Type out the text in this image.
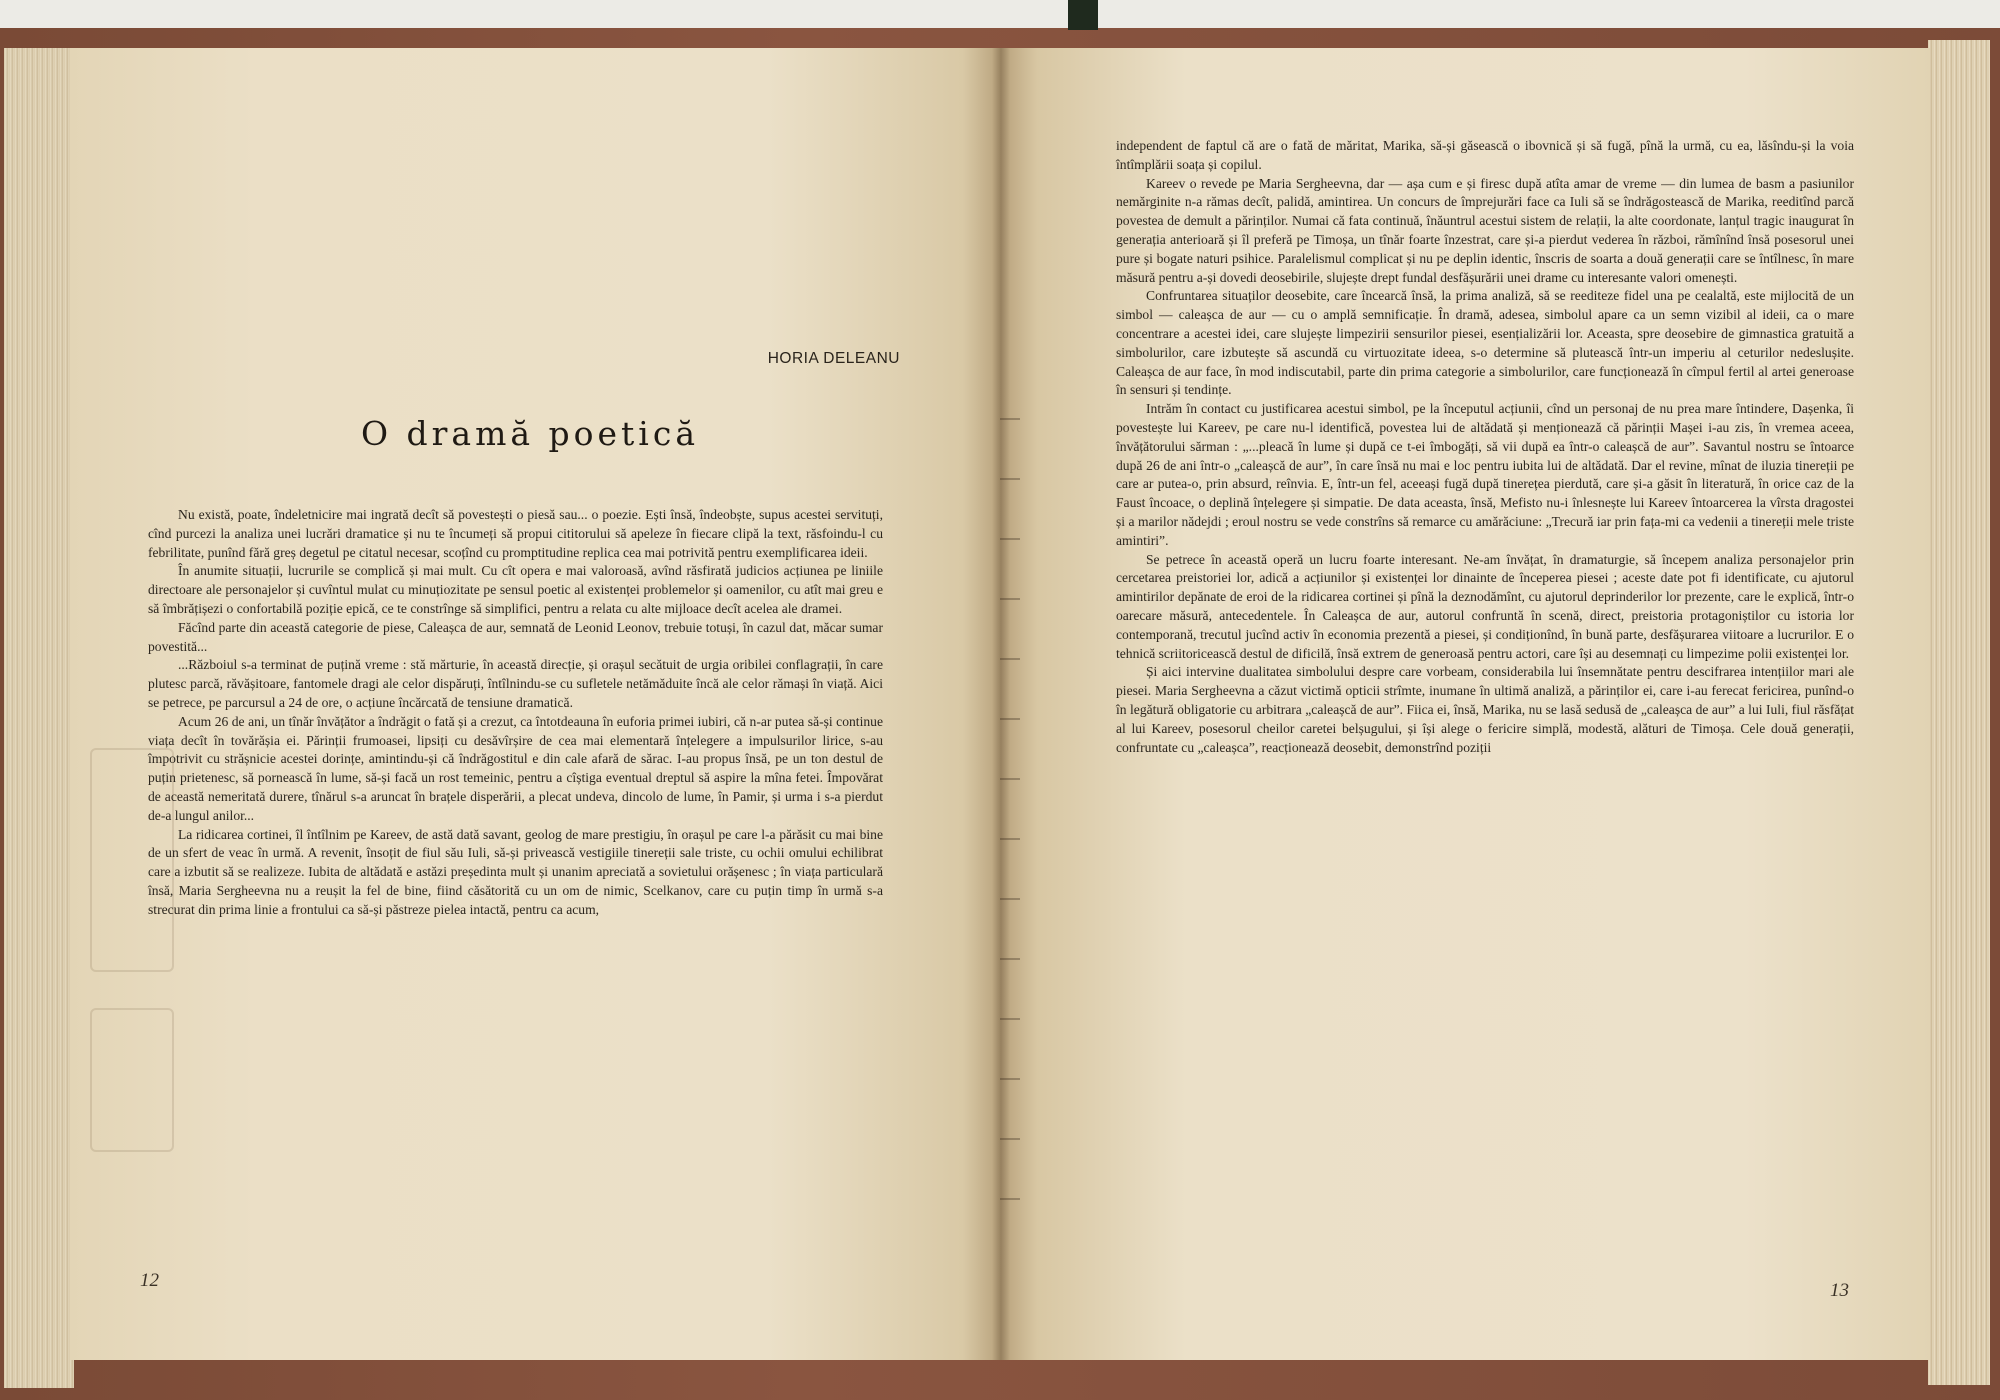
HORIA DELEANU
O dramă poetică

Nu există, poate, îndeletnicire mai ingrată decît să povestești o piesă sau... o poezie. Ești însă, îndeobște, supus acestei servituți, cînd purcezi la analiza unei lucrări dramatice și nu te încumeți să propui cititorului să apeleze în fiecare clipă la text, răsfoindu-l cu febrilitate, punînd fără greș degetul pe citatul necesar, scoțînd cu promptitudine replica cea mai potrivită pentru exemplificarea ideii.

În anumite situații, lucrurile se complică și mai mult. Cu cît opera e mai valoroasă, avînd răsfirată judicios acțiunea pe liniile directoare ale personajelor și cuvîntul mulat cu minuțiozitate pe sensul poetic al existenței problemelor și oamenilor, cu atît mai greu e să îmbrățișezi o confortabilă poziție epică, ce te constrînge să simplifici, pentru a relata cu alte mijloace decît acelea ale dramei.

Făcînd parte din această categorie de piese, Caleașca de aur, semnată de Leonid Leonov, trebuie totuși, în cazul dat, măcar sumar povestită...

...Războiul s-a terminat de puțină vreme : stă mărturie, în această direcție, și orașul secătuit de urgia oribilei conflagrații, în care plutesc parcă, răvășitoare, fantomele dragi ale celor dispăruți, întîlnindu-se cu sufletele netămăduite încă ale celor rămași în viață. Aici se petrece, pe parcursul a 24 de ore, o acțiune încărcată de tensiune dramatică.

Acum 26 de ani, un tînăr învățător a îndrăgit o fată și a crezut, ca întotdeauna în euforia primei iubiri, că n-ar putea să-și continue viața decît în tovărășia ei. Părinții frumoasei, lipsiți cu desăvîrșire de cea mai elementară înțelegere a impulsurilor lirice, s-au împotrivit cu strășnicie acestei dorințe, amintindu-și că îndrăgostitul e din cale afară de sărac. I-au propus însă, pe un ton destul de puțin prietenesc, să pornească în lume, să-și facă un rost temeinic, pentru a cîștiga eventual dreptul să aspire la mîna fetei. Împovărat de această nemeritată durere, tînărul s-a aruncat în brațele disperării, a plecat undeva, dincolo de lume, în Pamir, și urma i s-a pierdut de-a lungul anilor...

La ridicarea cortinei, îl întîlnim pe Kareev, de astă dată savant, geolog de mare prestigiu, în orașul pe care l-a părăsit cu mai bine de un sfert de veac în urmă. A revenit, însoțit de fiul său Iuli, să-și privească vestigiile tinereții sale triste, cu ochii omului echilibrat care a izbutit să se realizeze. Iubita de altădată e astăzi președinta mult și unanim apreciată a sovietului orășenesc ; în viața particulară însă, Maria Sergheevna nu a reușit la fel de bine, fiind căsătorită cu un om de nimic, Scelkanov, care cu puțin timp în urmă s-a strecurat din prima linie a frontului ca să-și păstreze pielea intactă, pentru ca acum,

independent de faptul că are o fată de măritat, Marika, să-și găsească o ibovnică și să fugă, pînă la urmă, cu ea, lăsîndu-și la voia întîmplării soața și copilul.

Kareev o revede pe Maria Sergheevna, dar — așa cum e și firesc după atîta amar de vreme — din lumea de basm a pasiunilor nemărginite n-a rămas decît, palidă, amintirea. Un concurs de împrejurări face ca Iuli să se îndrăgostească de Marika, reeditînd parcă povestea de demult a părinților. Numai că fata continuă, înăuntrul acestui sistem de relații, la alte coordonate, lanțul tragic inaugurat în generația anterioară și îl preferă pe Timoșa, un tînăr foarte înzestrat, care și-a pierdut vederea în război, rămînînd însă posesorul unei pure și bogate naturi psihice. Paralelismul complicat și nu pe deplin identic, înscris de soarta a două generații care se întîlnesc, în mare măsură pentru a-și dovedi deosebirile, slujește drept fundal desfășurării unei drame cu interesante valori omenești.

Confruntarea situaților deosebite, care încearcă însă, la prima analiză, să se reediteze fidel una pe cealaltă, este mijlocită de un simbol — caleașca de aur — cu o amplă semnificație. În dramă, adesea, simbolul apare ca un semn vizibil al ideii, ca o mare concentrare a acestei idei, care slujește limpezirii sensurilor piesei, esențializării lor. Aceasta, spre deosebire de gimnastica gratuită a simbolurilor, care izbutește să ascundă cu virtuozitate ideea, s-o determine să plutească într-un imperiu al ceturilor nedeslușite. Caleașca de aur face, în mod indiscutabil, parte din prima categorie a simbolurilor, care funcționează în cîmpul fertil al artei generoase în sensuri și tendințe.

Intrăm în contact cu justificarea acestui simbol, pe la începutul acțiunii, cînd un personaj de nu prea mare întindere, Dașenka, îi povestește lui Kareev, pe care nu-l identifică, povestea lui de altădată și menționează că părinții Mașei i-au zis, în vremea aceea, învățătorului sărman : „...pleacă în lume și după ce t-ei îmbogăți, să vii după ea într-o caleașcă de aur”. Savantul nostru se întoarce după 26 de ani într-o „caleașcă de aur”, în care însă nu mai e loc pentru iubita lui de altădată. Dar el revine, mînat de iluzia tinereții pe care ar putea-o, prin absurd, reînvia. E, într-un fel, aceeași fugă după tinerețea pierdută, care și-a găsit în literatură, în orice caz de la Faust încoace, o deplină înțelegere și simpatie. De data aceasta, însă, Mefisto nu-i înlesnește lui Kareev întoarcerea la vîrsta dragostei și a marilor nădejdi ; eroul nostru se vede constrîns să remarce cu amărăciune: „Trecură iar prin fața-mi ca vedenii a tinereții mele triste amintiri”.

Se petrece în această operă un lucru foarte interesant. Ne-am învățat, în dramaturgie, să începem analiza personajelor prin cercetarea preistoriei lor, adică a acțiunilor și existenței lor dinainte de începerea piesei ; aceste date pot fi identificate, cu ajutorul amintirilor depănate de eroi de la ridicarea cortinei și pînă la deznodămînt, cu ajutorul deprinderilor lor prezente, care le explică, într-o oarecare măsură, antecedentele. În Caleașca de aur, autorul confruntă în scenă, direct, preistoria protagoniștilor cu istoria lor contemporană, trecutul jucînd activ în economia prezentă a piesei, și condiționînd, în bună parte, desfășurarea viitoare a lucrurilor. E o tehnică scriitoricească destul de dificilă, însă extrem de generoasă pentru actori, care își au desemnați cu limpezime polii existenței lor.

Și aici intervine dualitatea simbolului despre care vorbeam, considerabila lui însemnătate pentru descifrarea intențiilor mari ale piesei. Maria Sergheevna a căzut victimă opticii strîmte, inumane în ultimă analiză, a părinților ei, care i-au ferecat fericirea, punînd-o în legătură obligatorie cu arbitrara „caleașcă de aur”. Fiica ei, însă, Marika, nu se lasă sedusă de „caleașca de aur” a lui Iuli, fiul răsfățat al lui Kareev, posesorul cheilor caretei belșugului, și își alege o fericire simplă, modestă, alături de Timoșa. Cele două generații, confruntate cu „caleașca”, reacționează deosebit, demonstrînd poziții

12	13
